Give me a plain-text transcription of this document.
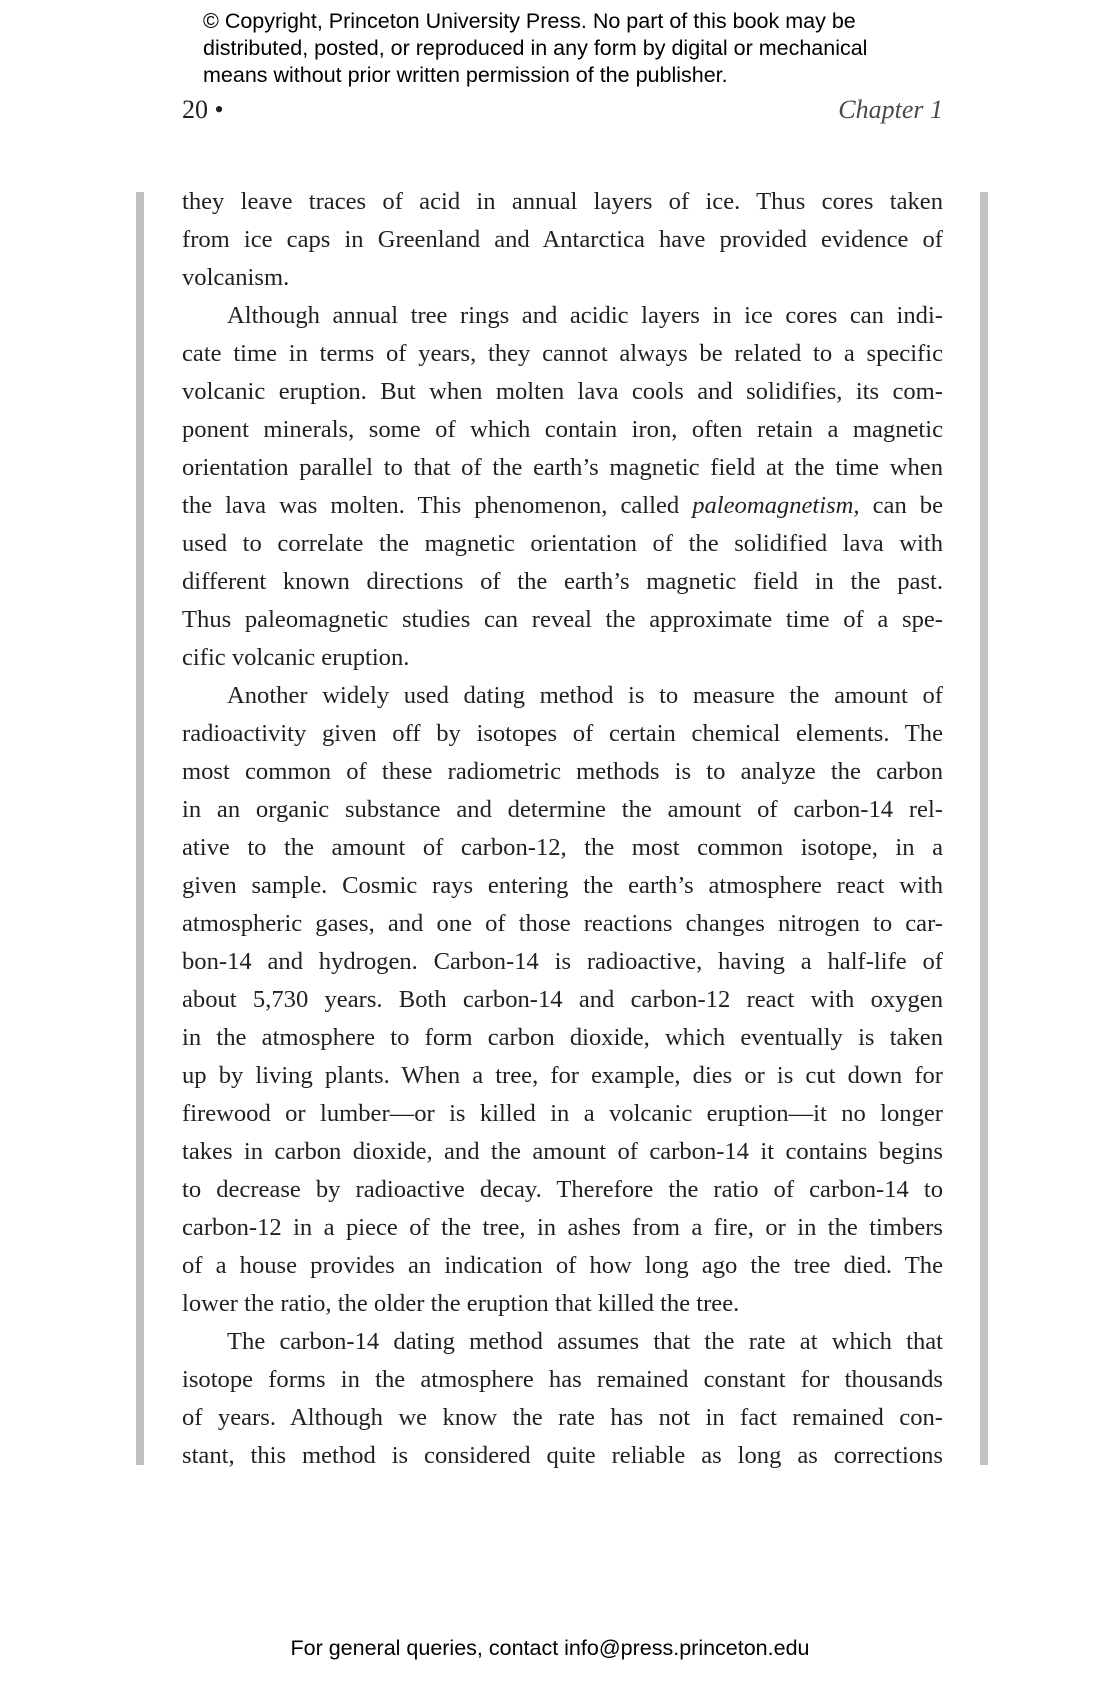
© Copyright, Princeton University Press. No part of this book may be
distributed, posted, or reproduced in any form by digital or mechanical
means without prior written permission of the publisher.
20 •	Chapter 1
they leave traces of acid in annual layers of ice. Thus cores taken
from ice caps in Greenland and Antarctica have provided evidence of
volcanism.
Although annual tree rings and acidic layers in ice cores can indi-
cate time in terms of years, they cannot always be related to a specific
volcanic eruption. But when molten lava cools and solidifies, its com-
ponent minerals, some of which contain iron, often retain a magnetic
orientation parallel to that of the earth’s magnetic field at the time when
the lava was molten. This phenomenon, called paleomagnetism, can be
used to correlate the magnetic orientation of the solidified lava with
different known directions of the earth’s magnetic field in the past.
Thus paleomagnetic studies can reveal the approximate time of a spe-
cific volcanic eruption.
Another widely used dating method is to measure the amount of
radioactivity given off by isotopes of certain chemical elements. The
most common of these radiometric methods is to analyze the carbon
in an organic substance and determine the amount of carbon-14 rel-
ative to the amount of carbon-12, the most common isotope, in a
given sample. Cosmic rays entering the earth’s atmosphere react with
atmospheric gases, and one of those reactions changes nitrogen to car-
bon-14 and hydrogen. Carbon-14 is radioactive, having a half-life of
about 5,730 years. Both carbon-14 and carbon-12 react with oxygen
in the atmosphere to form carbon dioxide, which eventually is taken
up by living plants. When a tree, for example, dies or is cut down for
firewood or lumber—or is killed in a volcanic eruption—it no longer
takes in carbon dioxide, and the amount of carbon-14 it contains begins
to decrease by radioactive decay. Therefore the ratio of carbon-14 to
carbon-12 in a piece of the tree, in ashes from a fire, or in the timbers
of a house provides an indication of how long ago the tree died. The
lower the ratio, the older the eruption that killed the tree.
The carbon-14 dating method assumes that the rate at which that
isotope forms in the atmosphere has remained constant for thousands
of years. Although we know the rate has not in fact remained con-
stant, this method is considered quite reliable as long as corrections
For general queries, contact info@press.princeton.edu
